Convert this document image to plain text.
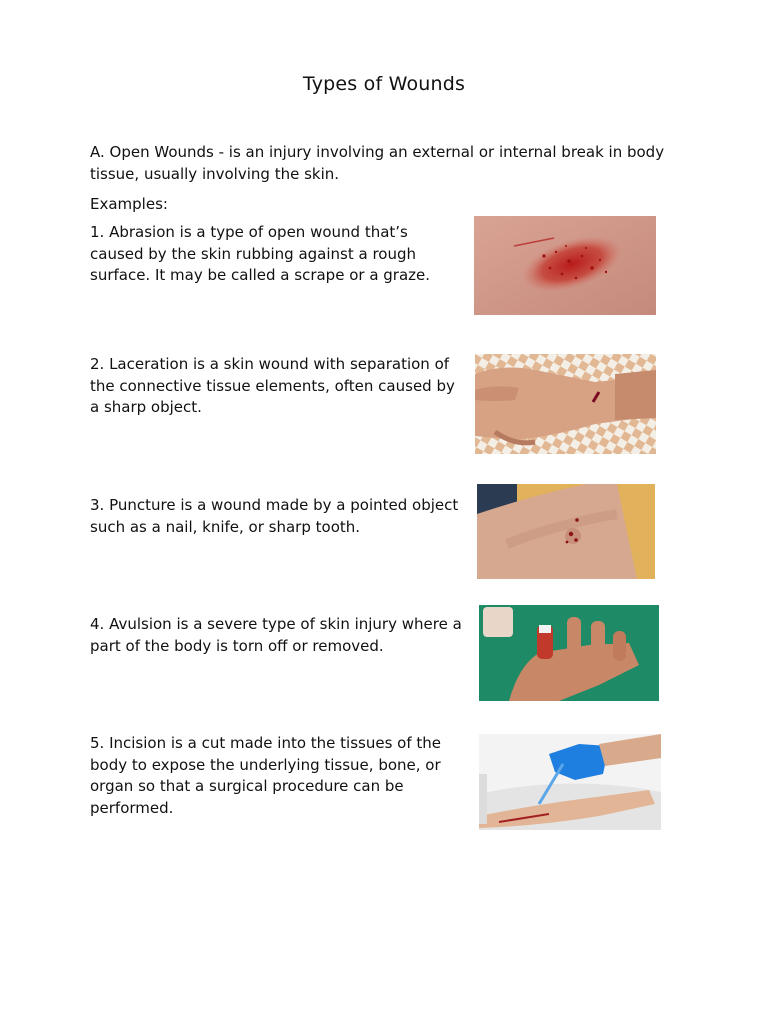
Types of Wounds

A. Open Wounds - is an injury involving an external or internal break in body tissue, usually involving the skin.

Examples:

1. Abrasion is a type of open wound that’s caused by the skin rubbing against a rough surface. It may be called a scrape or a graze.

2. Laceration is a skin wound with separation of the connective tissue elements, often caused by a sharp object.

3. Puncture is a wound made by a pointed object such as a nail, knife, or sharp tooth.

4. Avulsion is a severe type of skin injury where a part of the body is torn off or removed.

5. Incision is a cut made into the tissues of the body to expose the underlying tissue, bone, or organ so that a surgical procedure can be performed.
